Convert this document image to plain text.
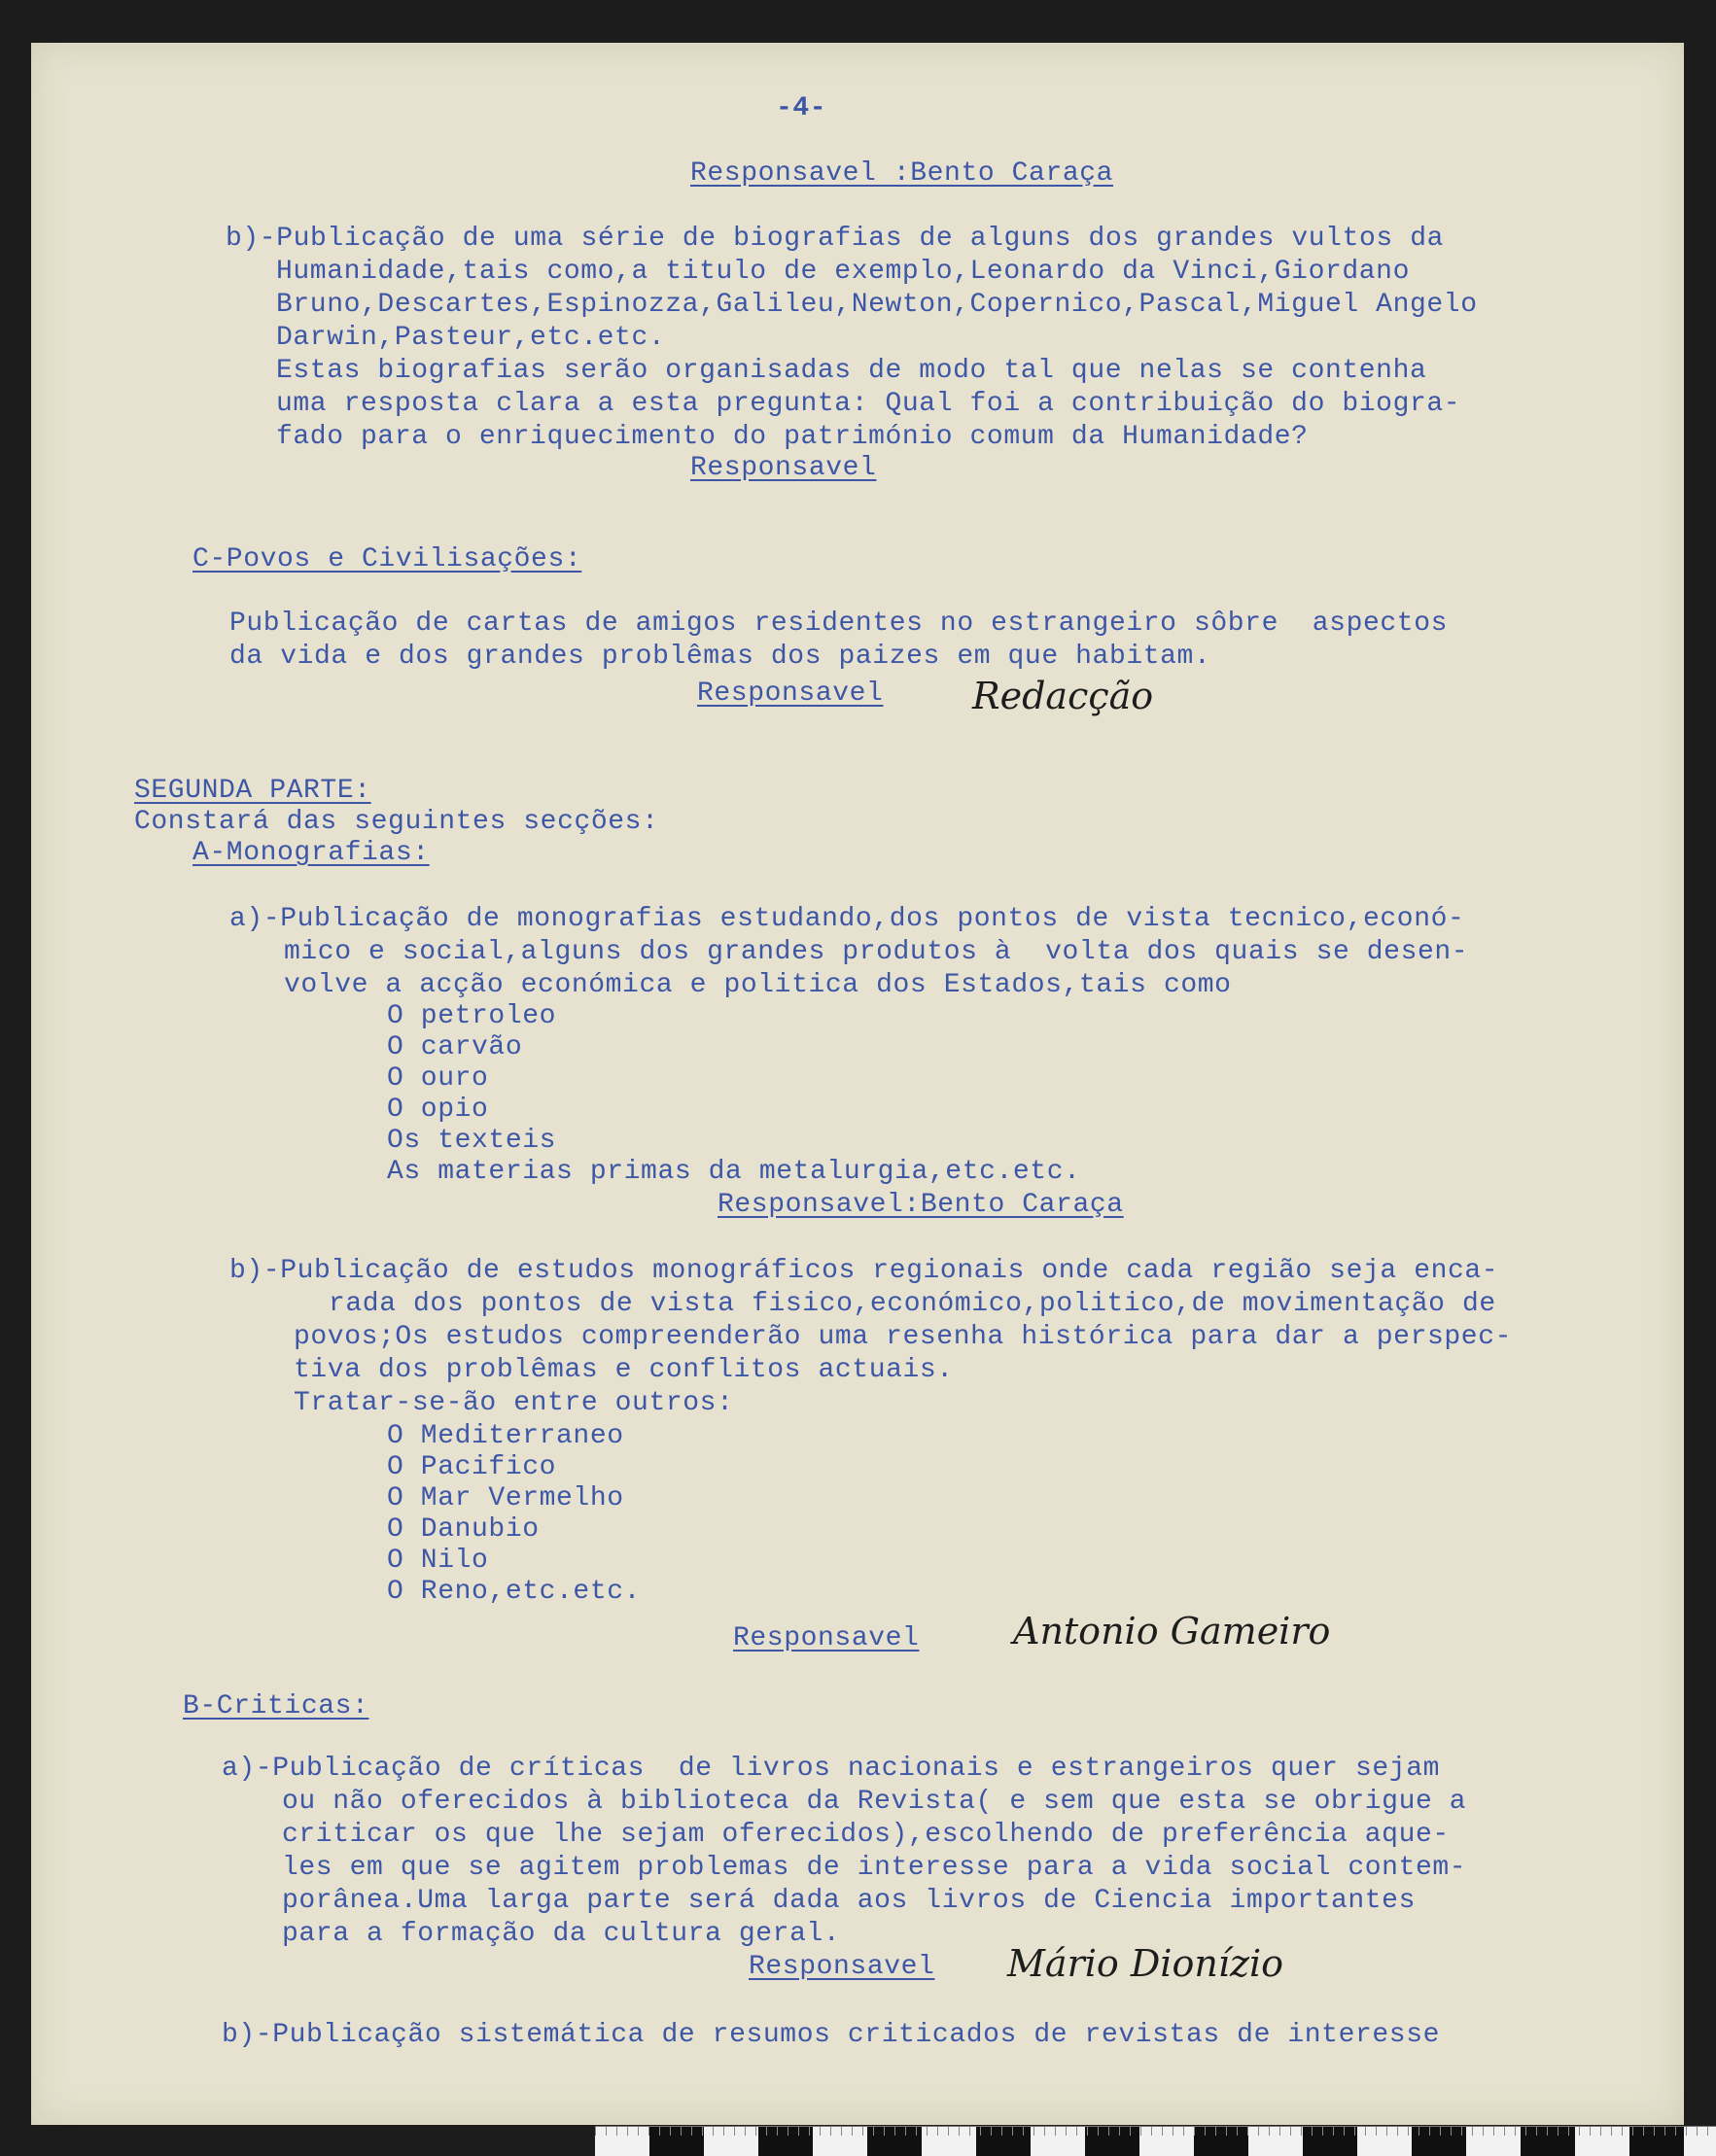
-4-

Responsavel :Bento Caraça

b)-Publicação de uma série de biografias de alguns dos grandes vultos da

Humanidade,tais como,a titulo de exemplo,Leonardo da Vinci,Giordano

Bruno,Descartes,Espinozza,Galileu,Newton,Copernico,Pascal,Miguel Angelo

Darwin,Pasteur,etc.etc.

Estas biografias serão organisadas de modo tal que nelas se contenha

uma resposta clara a esta pregunta: Qual foi a contribuição do biogra-

fado para o enriquecimento do património comum da Humanidade?

Responsavel

C-Povos e Civilisações:

Publicação de cartas de amigos residentes no estrangeiro sôbre  aspectos

da vida e dos grandes problêmas dos paizes em que habitam.

Responsavel Redacção

SEGUNDA PARTE:

Constará das seguintes secções:

A-Monografias:

a)-Publicação de monografias estudando,dos pontos de vista tecnico,econó-

mico e social,alguns dos grandes produtos à  volta dos quais se desen-

volve a acção económica e politica dos Estados,tais como

O petroleo

O carvão

O ouro

O opio

Os texteis

As materias primas da metalurgia,etc.etc.

Responsavel:Bento Caraça

b)-Publicação de estudos monográficos regionais onde cada região seja enca-

rada dos pontos de vista fisico,económico,politico,de movimentação de

povos;Os estudos compreenderão uma resenha histórica para dar a perspec-

tiva dos problêmas e conflitos actuais.

Tratar-se-ão entre outros:

O Mediterraneo

O Pacifico

O Mar Vermelho

O Danubio

O Nilo

O Reno,etc.etc.

Responsavel	Antonio Gameiro

B-Criticas:

a)-Publicação de críticas  de livros nacionais e estrangeiros quer sejam

ou não oferecidos à biblioteca da Revista( e sem que esta se obrigue a

criticar os que lhe sejam oferecidos),escolhendo de preferência aque-

les em que se agitem problemas de interesse para a vida social contem-

porânea.Uma larga parte será dada aos livros de Ciencia importantes

para a formação da cultura geral.

Responsavel Mário Dionízio

b)-Publicação sistemática de resumos criticados de revistas de interesse
